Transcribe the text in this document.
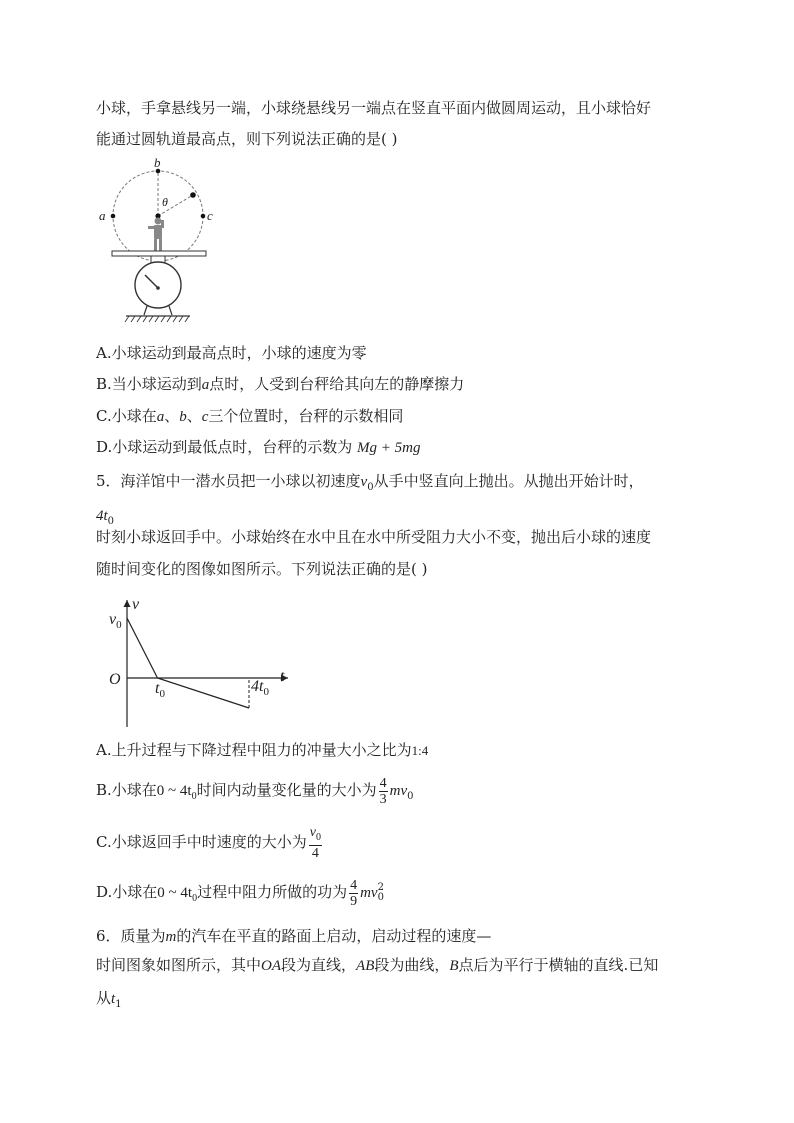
小球，手拿悬线另一端，小球绕悬线另一端点在竖直平面内做圆周运动，且小球恰好
能通过圆轨道最高点，则下列说法正确的是( )
b
a	c
θ
A.小球运动到最高点时，小球的速度为零
B.当小球运动到a点时，人受到台秤给其向左的静摩擦力
C.小球在a、b、c三个位置时，台秤的示数相同
D.小球运动到最低点时，台秤的示数为 Mg + 5mg
5．海洋馆中一潜水员把一小球以初速度$v_0$从手中竖直向上抛出。从抛出开始计时，
$4t_0$
时刻小球返回手中。小球始终在水中且在水中所受阻力大小不变，抛出后小球的速度
随时间变化的图像如图所示。下列说法正确的是( )
v
t
O
$v_0$
$t_0$	$4t_0$
A.上升过程与下降过程中阻力的冲量大小之比为1:4
B.小球在0 ~ $4t_0$时间内动量变化量的大小为 $\frac{4}{3} mv_0$
C.小球返回手中时速度的大小为 $\frac{v_0}{4}$
D.小球在0 ~ $4t_0$过程中阻力所做的功为 $\frac{4}{9}$ mv 2
0
6．质量为m的汽车在平直的路面上启动，启动过程的速度—
时间图象如图所示，其中OA段为直线，AB段为曲线，B点后为平行于横轴的直线.已知
从$t_1$
